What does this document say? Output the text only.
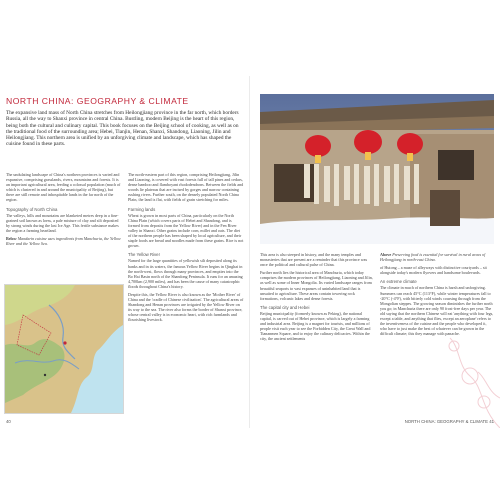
NORTH CHINA: GEOGRAPHY & CLIMATE
The expansive land mass of North China stretches from Heilongjiang province in the far north, which borders Russia, all the way to Shanxi province in central China. Bustling, modern Beijing is the heart of this region, being both the cultural and culinary capital. This book focuses on the Beijing school of cooking, as well as on the traditional food of the surrounding area; Hebei, Tianjin, Henan, Shanxi, Shandong, Liaoning, Jilin and Heilongjiang. This northern area is unified by an unforgiving climate and landscape, which has shaped the cuisine found in these parts.

The undulating landscape of China's northern provinces is varied and expansive, comprising grasslands, rivers, mountains and forests. It is an important agricultural area, feeding a colossal population (much of which is clustered in and around the municipality of Beijing), but there are still remote and inhospitable lands in the far north of the region.

Topography of North China

The valleys, hills and mountains are blanketed metres deep in a fine-grained soil known as loess, a pale mixture of clay and silt deposited by strong winds during the last Ice Age. This fertile substance makes the region a farming heartland.

Below Mandarin cuisine uses ingredients from Manchuria, the Yellow River and the Yellow Sea.

The north-eastern part of this region, comprising Heilongjiang, Jilin and Liaoning, is covered with vast forests full of tall pines and cedars, dense bamboo and flamboyant rhododendrons. Between the fields and woods lie plateaus that are incised by gorges and narrow containing rushing rivers. Further south, on the densely populated North China Plain, the land is flat, with fields of grain stretching for miles.

Farming lands

Wheat is grown in most parts of China, particularly on the North China Plain (which covers parts of Hebei and Shandong, and is formed from deposits from the Yellow River) and in the Fen River valley in Shanxi. Other grains include corn, millet and oats. The diet of the northern people has been shaped by local agriculture, and their staple foods are bread and noodles made from these grains. Rice is not grown.

The Yellow River

Named for the large quantities of yellowish silt deposited along its banks and in its waters, the famous Yellow River begins in Qinghai in the north-west, flows through many provinces, and empties into the Bo Hai Basin north of the Shandong Peninsula. It runs for an amazing 4,700km (2,900 miles), and has been the cause of many catastrophic floods throughout China's history.

Despite this, the Yellow River is also known as the 'Mother River' of China and the 'cradle of Chinese civilization'. The agricultural areas of Shandong and Henan provinces are irrigated by the Yellow River on its way to the sea. The river also forms the border of Shanxi province, whose central valley is in economic heart, with rich farmlands and flourishing livestock.

40

This area is also steeped in history, and the many temples and monasteries that are present are a reminder that this province was once the political and cultural pulse of China.

Further north lies the historical area of Manchuria, which today comprises the modern provinces of Heilongjiang, Liaoning and Jilin, as well as some of Inner Mongolia. Its varied landscape ranges from beautiful seaports to vast expanses of uninhabited land that is unsuited to agriculture. These areas contain towering rock formations, volcanic lakes and dense forests.

The capital city and Hebei

Beijing municipality (formerly known as Peking), the national capital, is carved out of Hebei province, which is largely a farming and industrial area. Beijing is a magnet for tourists, and millions of people visit each year to see the Forbidden City, the Great Wall and Tiananmen Square, and to enjoy the culinary delicacies. Within the city, the ancient settlements

Above Preserving food is essential for survival in rural areas of Heilongjiang in north-east China.

of Hutong – a maze of alleyways with distinctive courtyards – sit alongside today's modern flyovers and handsome boulevards.

An extreme climate

The climate in much of northern China is harsh and unforgiving. Summers can reach 45°C (113°F), while winter temperatures fall to -20°C (-4°F), with bitterly cold winds coursing through from the Mongolian steppes. The growing season diminishes the further north you go; in Manchuria there are only 90 frost-free days per year. The old saying that the northern Chinese will eat 'anything with four legs, except a table, and anything that flies, except an aeroplane' refers to the inventiveness of the cuisine and the people who developed it, who have to just make the best of whatever can be grown in the difficult climate; this they manage with panache.

NORTH CHINA: GEOGRAPHY & CLIMATE 41
